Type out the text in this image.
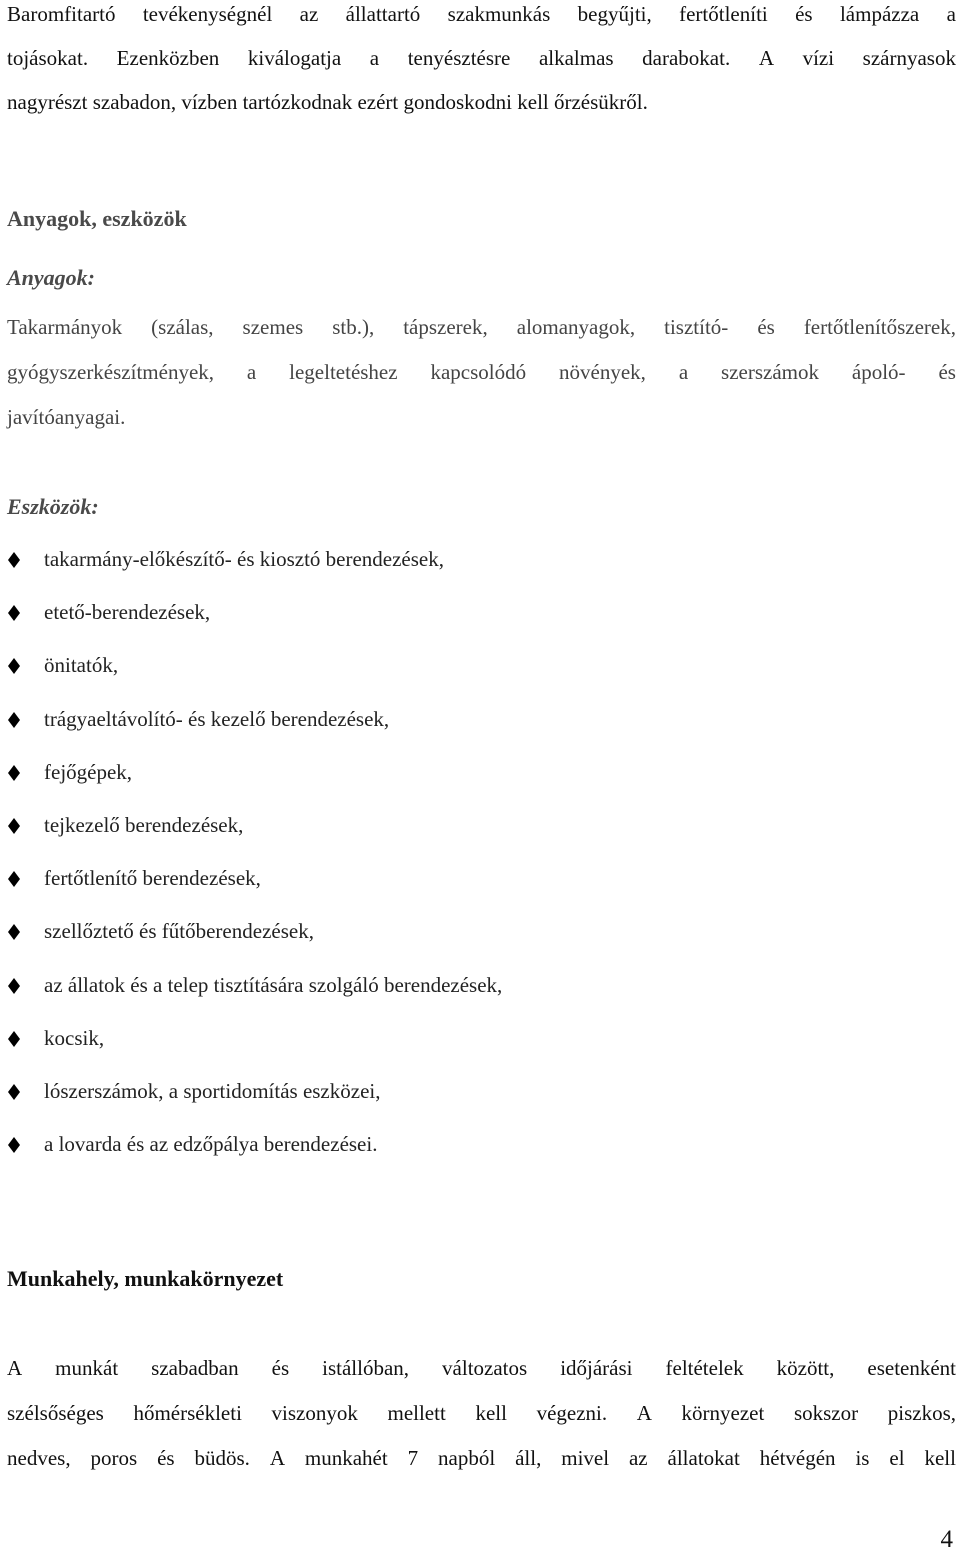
Baromfitartó tevékenységnél az állattartó szakmunkás begyűjti, fertőtleníti és lámpázza a
tojásokat. Ezenközben kiválogatja a tenyésztésre alkalmas darabokat. A vízi szárnyasok
nagyrészt szabadon, vízben tartózkodnak ezért gondoskodni kell őrzésükről.
Anyagok, eszközök
Anyagok:
Takarmányok (szálas, szemes stb.), tápszerek, alomanyagok, tisztító- és fertőtlenítőszerek,
gyógyszerkészítmények, a legeltetéshez kapcsolódó növények, a szerszámok ápoló- és
javítóanyagai.
Eszközök:
takarmány-előkészítő- és kiosztó berendezések,
etető-berendezések,
önitatók,
trágyaeltávolító- és kezelő berendezések,
fejőgépek,
tejkezelő berendezések,
fertőtlenítő berendezések,
szellőztető és fűtőberendezések,
az állatok és a telep tisztítására szolgáló berendezések,
kocsik,
lószerszámok, a sportidomítás eszközei,
a lovarda és az edzőpálya berendezései.
Munkahely, munkakörnyezet
A munkát szabadban és istállóban, változatos időjárási feltételek között, esetenként
szélsőséges hőmérsékleti viszonyok mellett kell végezni. A környezet sokszor piszkos,
nedves, poros és büdös. A munkahét 7 napból áll, mivel az állatokat hétvégén is el kell
4
